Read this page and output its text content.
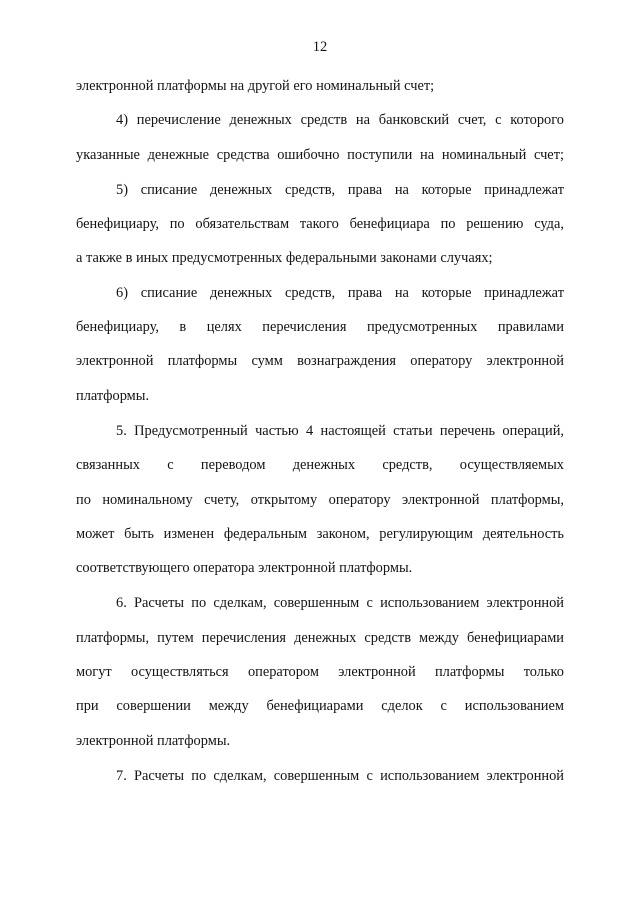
12
электронной платформы на другой его номинальный счет;
4) перечисление денежных средств на банковский счет, с которого
указанные денежные средства ошибочно поступили на номинальный счет;
5) списание денежных средств, права на которые принадлежат
бенефициару, по обязательствам такого бенефициара по решению суда,
а также в иных предусмотренных федеральными законами случаях;
6) списание денежных средств, права на которые принадлежат
бенефициару, в целях перечисления предусмотренных правилами
электронной платформы сумм вознаграждения оператору электронной
платформы.
5. Предусмотренный частью 4 настоящей статьи перечень операций,
связанных с переводом денежных средств, осуществляемых
по номинальному счету, открытому оператору электронной платформы,
может быть изменен федеральным законом, регулирующим деятельность
соответствующего оператора электронной платформы.
6. Расчеты по сделкам, совершенным с использованием электронной
платформы, путем перечисления денежных средств между бенефициарами
могут осуществляться оператором электронной платформы только
при совершении между бенефициарами сделок с использованием
электронной платформы.
7. Расчеты по сделкам, совершенным с использованием электронной
